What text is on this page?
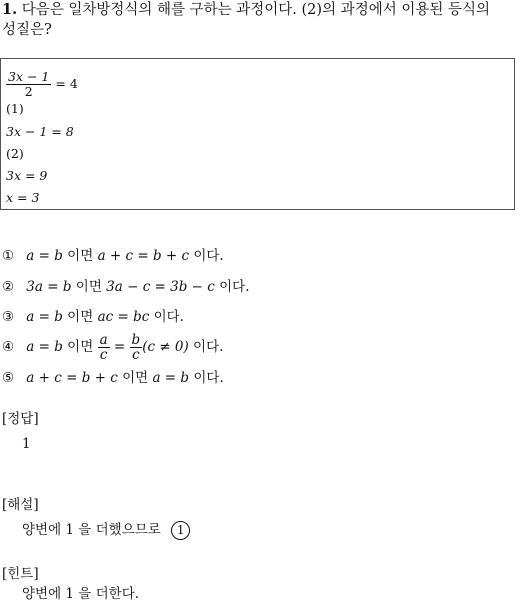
1. 다음은 일차방정식의 해를 구하는 과정이다. (2)의 과정에서 이용된 등식의
성질은?
$\frac{3x - 1}{2} = 4$
(1)
3x − 1 = 8
(2)
3x = 9
x = 3
① a = b 이면 a + c = b + c 이다.
② 3a = b 이면 3a − c = 3b − c 이다.
③ a = b 이면 ac = bc 이다.
④ a = b 이면 $\frac{a}{c} = \frac{b}{c} (c \ne 0)$ 이다.
⑤ a + c = b + c 이면 a = b 이다.
[정답]
1
[해설]
양변에 1 을 더했으므로 1
[힌트]
양변에 1 을 더한다.
